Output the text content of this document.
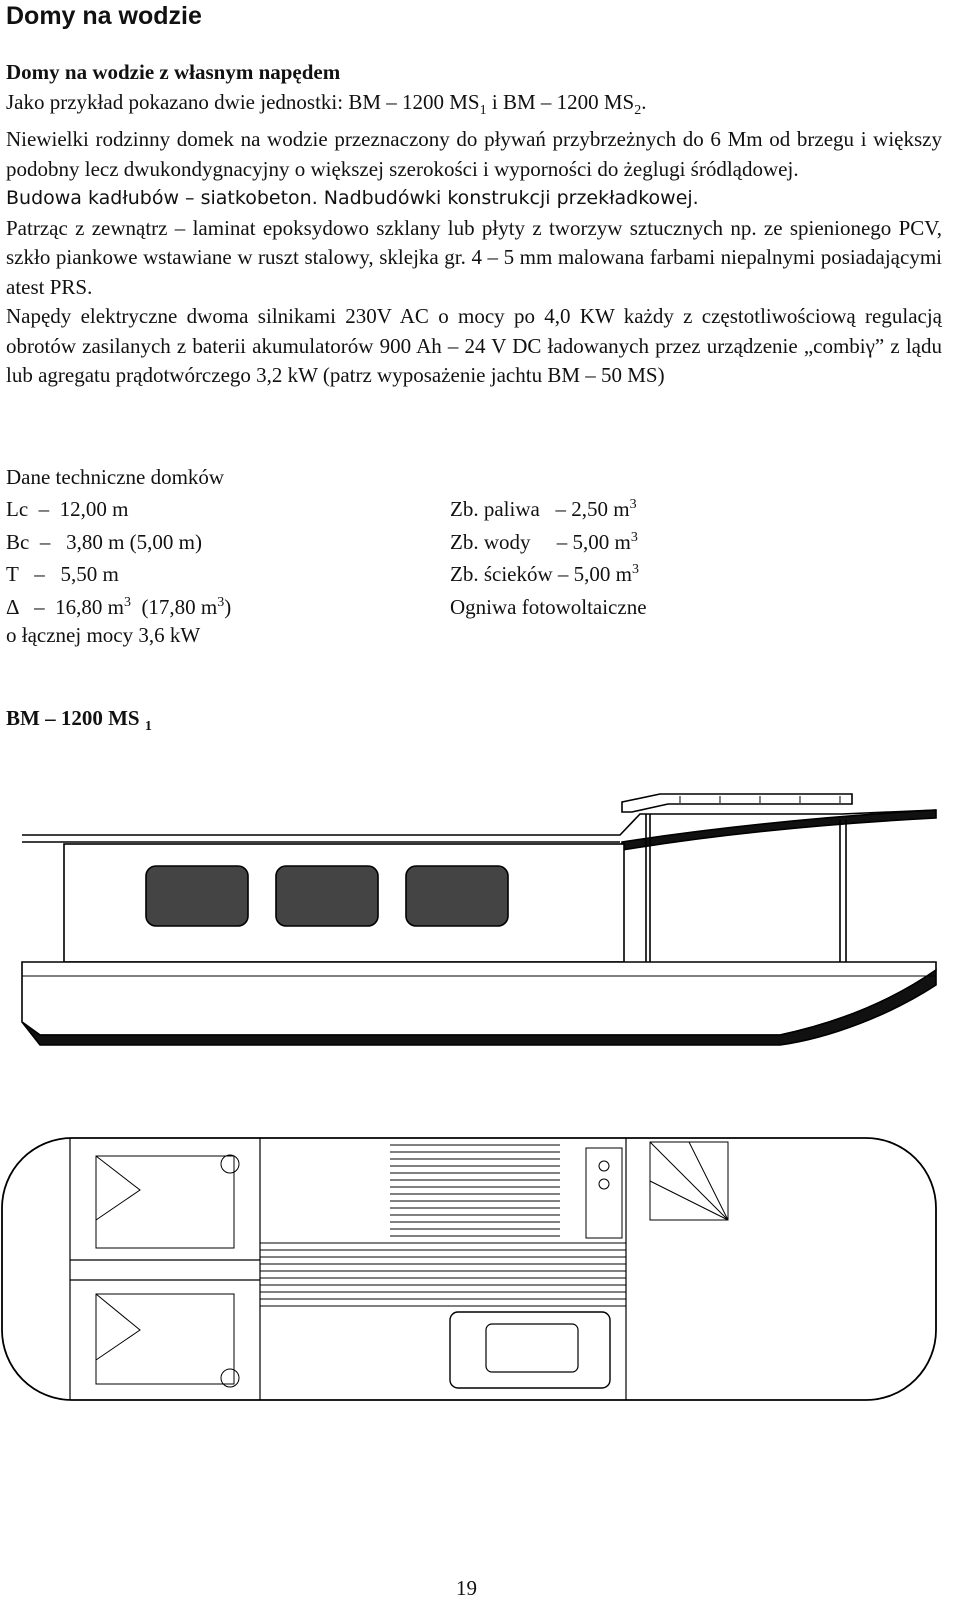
Domy na wodzie

Domy na wodzie z własnym napędem

Jako przykład pokazano dwie jednostki: BM – 1200 $MS_1$ i BM – 1200 $MS_2$.

Niewielki rodzinny domek na wodzie przeznaczony do pływań przybrzeżnych do 6 Mm od brzegu i większy podobny lecz dwukondygnacyjny o większej szerokości i wyporności do żeglugi śródlądowej.

Budowa kadłubów – siatkobeton. Nadbudówki konstrukcji przekładkowej.

Patrząc z zewnątrz – laminat epoksydowo szklany lub płyty z tworzyw sztucznych np. ze spienionego PCV, szkło piankowe wstawiane w ruszt stalowy, sklejka gr. 4 – 5 mm malowana farbami niepalnymi posiadającymi atest PRS.

Napędy elektryczne dwoma silnikami 230V AC o mocy po 4,0 KW każdy z częstotliwościową regulacją obrotów zasilanych z baterii akumulatorów 900 Ah – 24 V DC ładowanych przez urządzenie „combiγ” z lądu lub agregatu prądotwórczego 3,2 kW (patrz wyposażenie jachtu BM – 50 MS)

Dane techniczne domków
Lc  –  12,00 m	Zb. paliwa   – 2,50 $m^3$
Bc  –   3,80 m (5,00 m)	Zb. wody     – 5,00 $m^3$
T   –   5,50 m	Zb. ścieków – 5,00 $m^3$
Δ   –  16,80 $m^3$  (17,80 $m^3$)	Ogniwa fotowoltaiczne
o łącznej mocy 3,6 kW
BM – 1200 MS $_1$
19
